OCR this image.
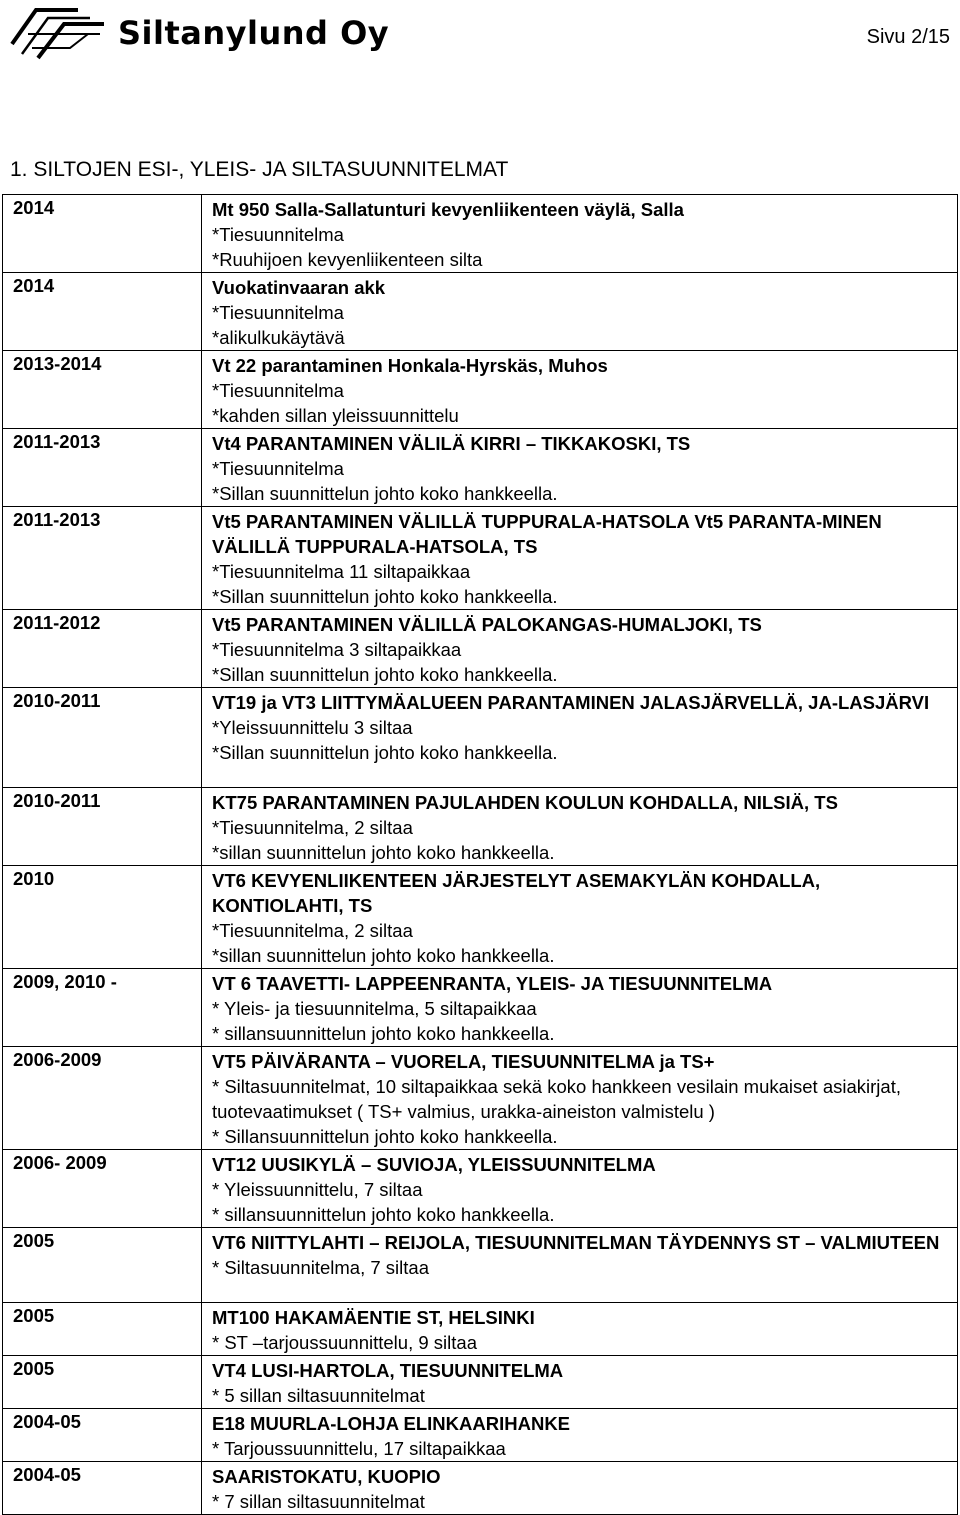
Siltanylund Oy	Sivu 2/15
1. SILTOJEN ESI-, YLEIS- JA SILTASUUNNITELMAT
2014	Mt 950 Salla-Sallatunturi kevyenliikenteen väylä, Salla
*Tiesuunnitelma
*Ruuhijoen kevyenliikenteen silta

2014	Vuokatinvaaran akk
*Tiesuunnitelma
*alikulkukäytävä

2013-2014	Vt 22 parantaminen Honkala-Hyrskäs, Muhos
*Tiesuunnitelma
*kahden sillan yleissuunnittelu

2011-2013	Vt4 PARANTAMINEN VÄLILÄ KIRRI – TIKKAKOSKI, TS
*Tiesuunnitelma
*Sillan suunnittelun johto koko hankkeella.

2011-2013	Vt5 PARANTAMINEN VÄLILLÄ TUPPURALA-HATSOLA Vt5 PARANTA-MINEN VÄLILLÄ TUPPURALA-HATSOLA, TS
*Tiesuunnitelma 11 siltapaikkaa
*Sillan suunnittelun johto koko hankkeella.

2011-2012	Vt5 PARANTAMINEN VÄLILLÄ PALOKANGAS-HUMALJOKI, TS
*Tiesuunnitelma 3 siltapaikkaa
*Sillan suunnittelun johto koko hankkeella.

2010-2011	VT19 ja VT3 LIITTYMÄALUEEN PARANTAMINEN JALASJÄRVELLÄ, JA-LASJÄRVI
*Yleissuunnittelu 3 siltaa
*Sillan suunnittelun johto koko hankkeella.

2010-2011	KT75 PARANTAMINEN PAJULAHDEN KOULUN KOHDALLA, NILSIÄ, TS
*Tiesuunnitelma, 2 siltaa
*sillan suunnittelun johto koko hankkeella.

2010	VT6 KEVYENLIIKENTEEN JÄRJESTELYT ASEMAKYLÄN KOHDALLA, KONTIOLAHTI, TS
*Tiesuunnitelma, 2 siltaa
*sillan suunnittelun johto koko hankkeella.

2009, 2010 -	VT 6 TAAVETTI- LAPPEENRANTA, YLEIS- JA TIESUUNNITELMA
* Yleis- ja tiesuunnitelma, 5 siltapaikkaa
* sillansuunnittelun johto koko hankkeella.

2006-2009	VT5 PÄIVÄRANTA – VUORELA, TIESUUNNITELMA ja TS+
* Siltasuunnitelmat, 10 siltapaikkaa sekä koko hankkeen vesilain mukaiset asiakirjat, tuotevaatimukset ( TS+ valmius, urakka-aineiston valmistelu )
* Sillansuunnittelun johto koko hankkeella.

2006- 2009	VT12 UUSIKYLÄ – SUVIOJA, YLEISSUUNNITELMA
* Yleissuunnittelu, 7 siltaa
* sillansuunnittelun johto koko hankkeella.

2005	VT6 NIITTYLAHTI – REIJOLA, TIESUUNNITELMAN TÄYDENNYS ST – VALMIUTEEN
* Siltasuunnitelma, 7 siltaa

2005	MT100 HAKAMÄENTIE ST, HELSINKI
* ST –tarjoussuunnittelu, 9 siltaa

2005	VT4 LUSI-HARTOLA, TIESUUNNITELMA
* 5 sillan siltasuunnitelmat

2004-05	E18 MUURLA-LOHJA ELINKAARIHANKE
* Tarjoussuunnittelu, 17 siltapaikkaa

2004-05	SAARISTOKATU, KUOPIO
* 7 sillan siltasuunnitelmat
